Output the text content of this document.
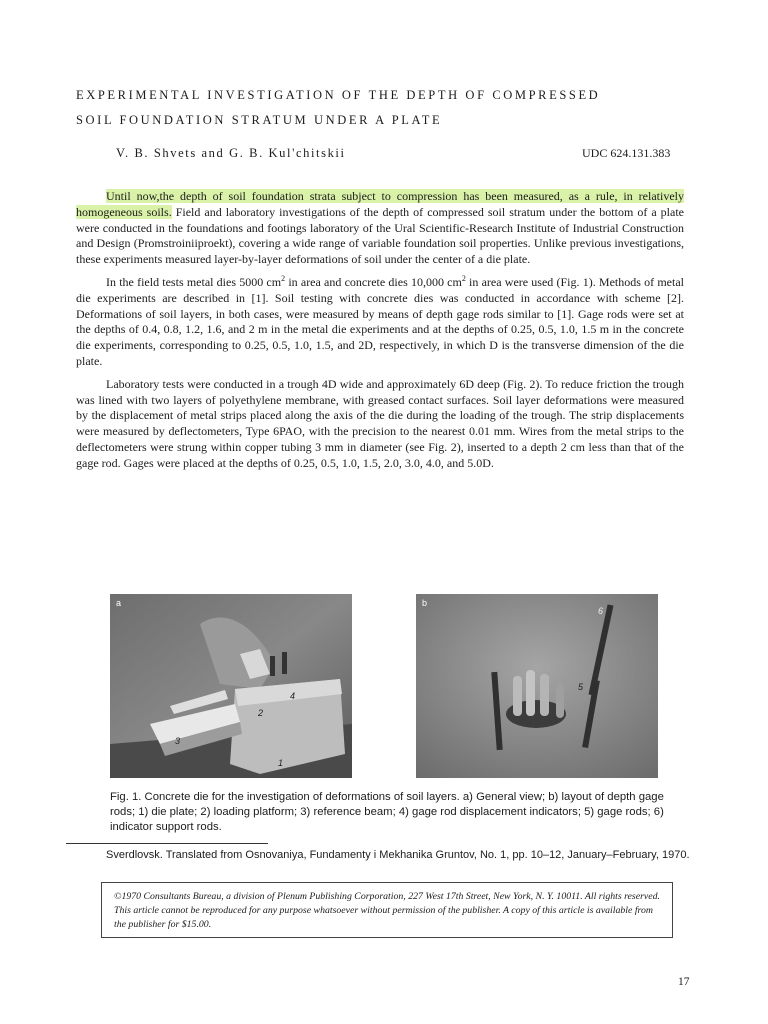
EXPERIMENTAL INVESTIGATION OF THE DEPTH OF COMPRESSED
SOIL FOUNDATION STRATUM UNDER A PLATE
V. B. Shvets and G. B. Kul'chitskii	UDC 624.131.383

Until now,the depth of soil foundation strata subject to compression has been measured, as a rule, in relatively homogeneous soils. Field and laboratory investigations of the depth of compressed soil stratum under the bottom of a plate were conducted in the foundations and footings laboratory of the Ural Scientific-Research Institute of Industrial Construction and Design (Promstroiniiproekt), covering a wide range of variable foundation soil properties. Unlike previous investigations, these experiments measured layer-by-layer deformations of soil under the center of a die plate.

In the field tests metal dies 5000 $cm^2$ in area and concrete dies 10,000 $cm^2$ in area were used (Fig. 1). Methods of metal die experiments are described in [1]. Soil testing with concrete dies was conducted in accordance with scheme [2]. Deformations of soil layers, in both cases, were measured by means of depth gage rods similar to [1]. Gage rods were set at the depths of 0.4, 0.8, 1.2, 1.6, and 2 m in the metal die experiments and at the depths of 0.25, 0.5, 1.0, 1.5 m in the concrete die experiments, corresponding to 0.25, 0.5, 1.0, 1.5, and 2D, respectively, in which D is the transverse dimension of the die plate.

Laboratory tests were conducted in a trough 4D wide and approximately 6D deep (Fig. 2). To reduce friction the trough was lined with two layers of polyethylene membrane, with greased contact surfaces. Soil layer deformations were measured by the displacement of metal strips placed along the axis of the die during the loading of the trough. The strip displacements were measured by deflectometers, Type 6PAO, with the precision to the nearest 0.01 mm. Wires from the metal strips to the deflectometers were strung within copper tubing 3 mm in diameter (see Fig. 2), inserted to a depth 2 cm less than that of the gage rod. Gages were placed at the depths of 0.25, 0.5, 1.0, 1.5, 2.0, 3.0, 4.0, and 5.0D.

a
4
2
3
1
b
6
5
Fig. 1. Concrete die for the investigation of deformations of soil layers. a) General view; b) layout of depth gage rods; 1) die plate; 2) loading platform; 3) reference beam; 4) gage rod displacement indicators; 5) gage rods; 6) indicator support rods.
Sverdlovsk. Translated from Osnovaniya, Fundamenty i Mekhanika Gruntov, No. 1, pp. 10–12, January–February, 1970.
©1970 Consultants Bureau, a division of Plenum Publishing Corporation, 227 West 17th Street, New York, N. Y. 10011. All rights reserved. This article cannot be reproduced for any purpose whatsoever without permission of the publisher. A copy of this article is available from the publisher for $15.00.
17
